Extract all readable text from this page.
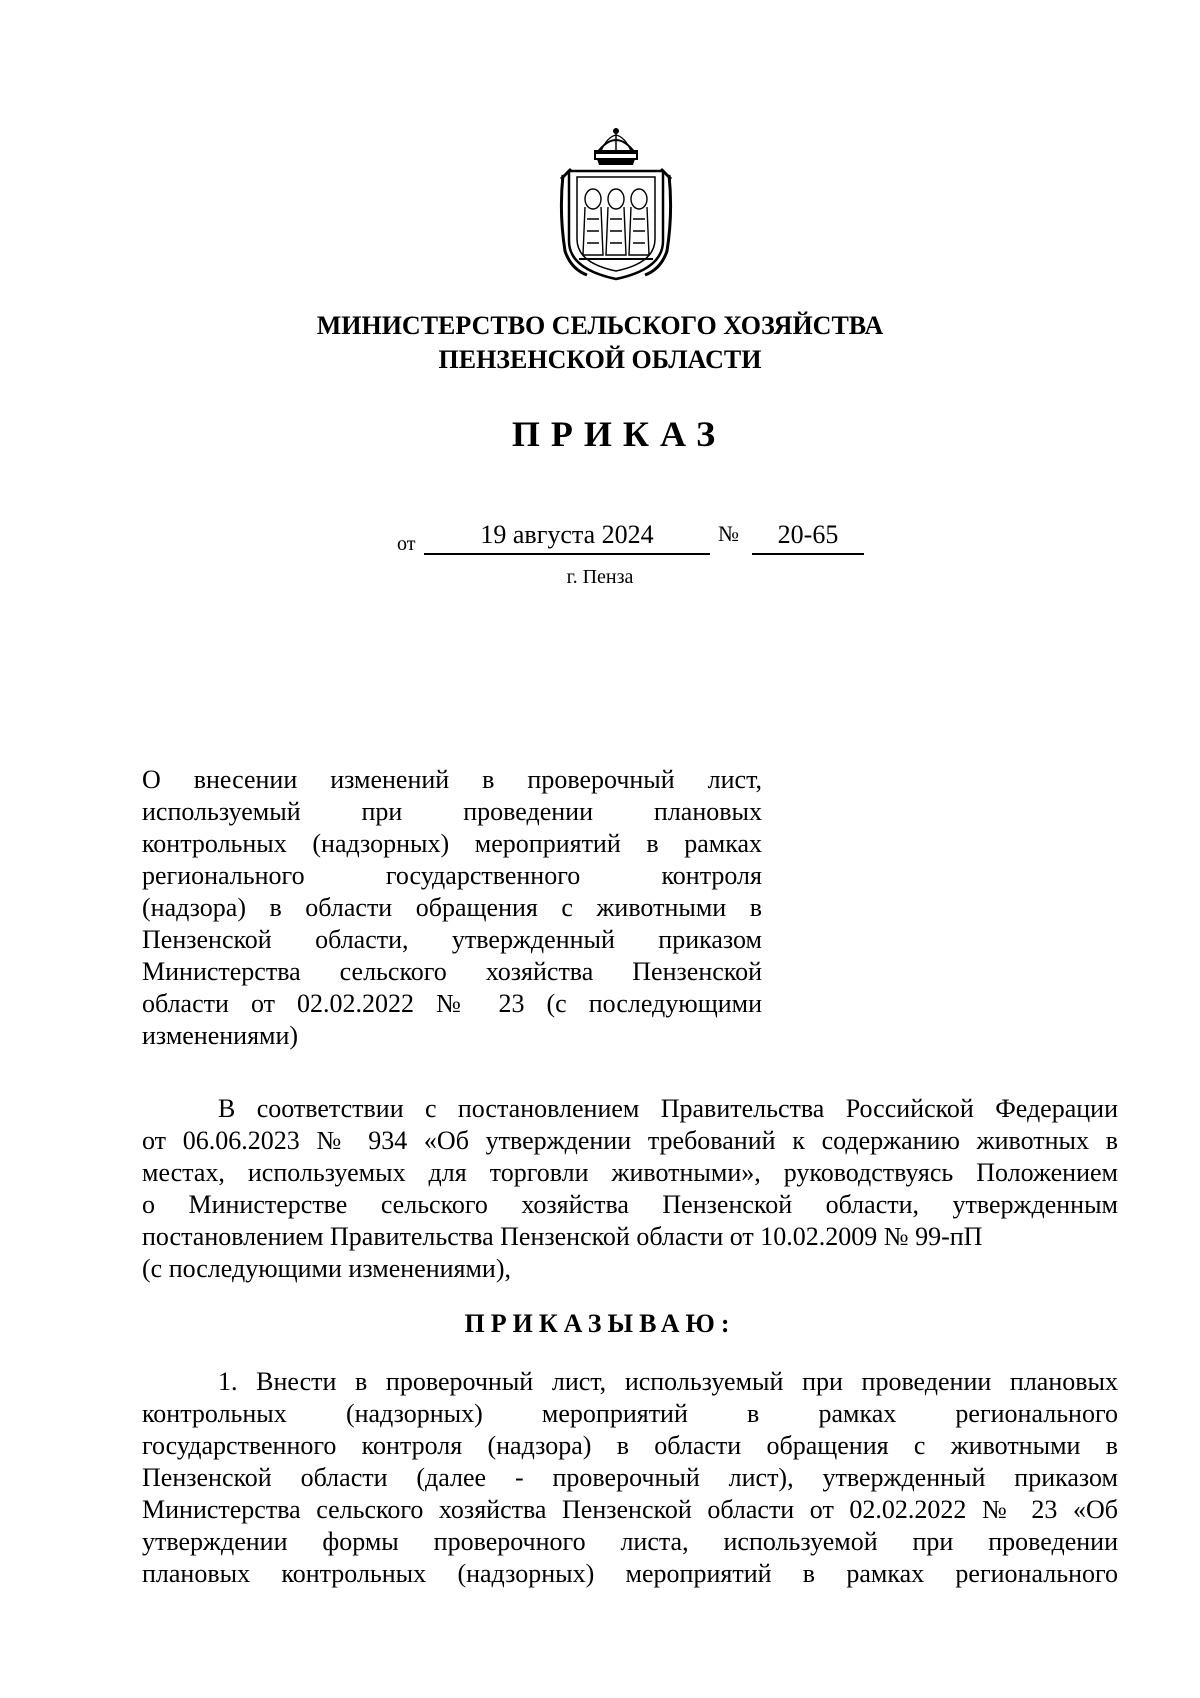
МИНИСТЕРСТВО СЕЛЬСКОГО ХОЗЯЙСТВА
ПЕНЗЕНСКОЙ ОБЛАСТИ
ПРИКАЗ
от	19 августа 2024	№	20-65
г. Пенза
О внесении изменений в проверочный лист,
используемый при проведении плановых
контрольных (надзорных) мероприятий в рамках
регионального государственного контроля
(надзора) в области обращения с животными в
Пензенской области, утвержденный приказом
Министерства сельского хозяйства Пензенской
области от 02.02.2022 № 23 (с последующими
изменениями)
В соответствии с постановлением Правительства Российской Федерации
от 06.06.2023 № 934 «Об утверждении требований к содержанию животных в
местах, используемых для торговли животными», руководствуясь Положением
о Министерстве сельского хозяйства Пензенской области, утвержденным
постановлением Правительства Пензенской области от 10.02.2009 № 99-пП
(с последующими изменениями),
ПРИКАЗЫВАЮ:
1. Внести в проверочный лист, используемый при проведении плановых
контрольных (надзорных) мероприятий в рамках регионального
государственного контроля (надзора) в области обращения с животными в
Пензенской области (далее - проверочный лист), утвержденный приказом
Министерства сельского хозяйства Пензенской области от 02.02.2022 № 23 «Об
утверждении формы проверочного листа, используемой при проведении
плановых контрольных (надзорных) мероприятий в рамках регионального
